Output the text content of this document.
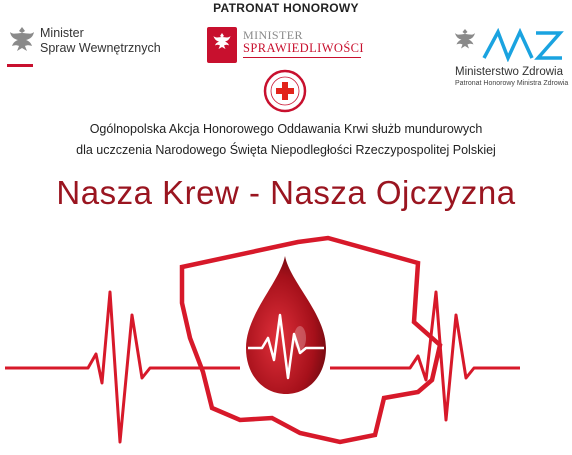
PATRONAT HONOROWY
Minister
Spraw Wewnętrznych
MINISTER
SPRAWIEDLIWOŚCI
Ministerstwo Zdrowia
Patronat Honorowy Ministra Zdrowia
Ogólnopolska Akcja Honorowego Oddawania Krwi służb mundurowych
dla uczczenia Narodowego Święta Niepodległości Rzeczypospolitej Polskiej
Nasza Krew - Nasza Ojczyzna
